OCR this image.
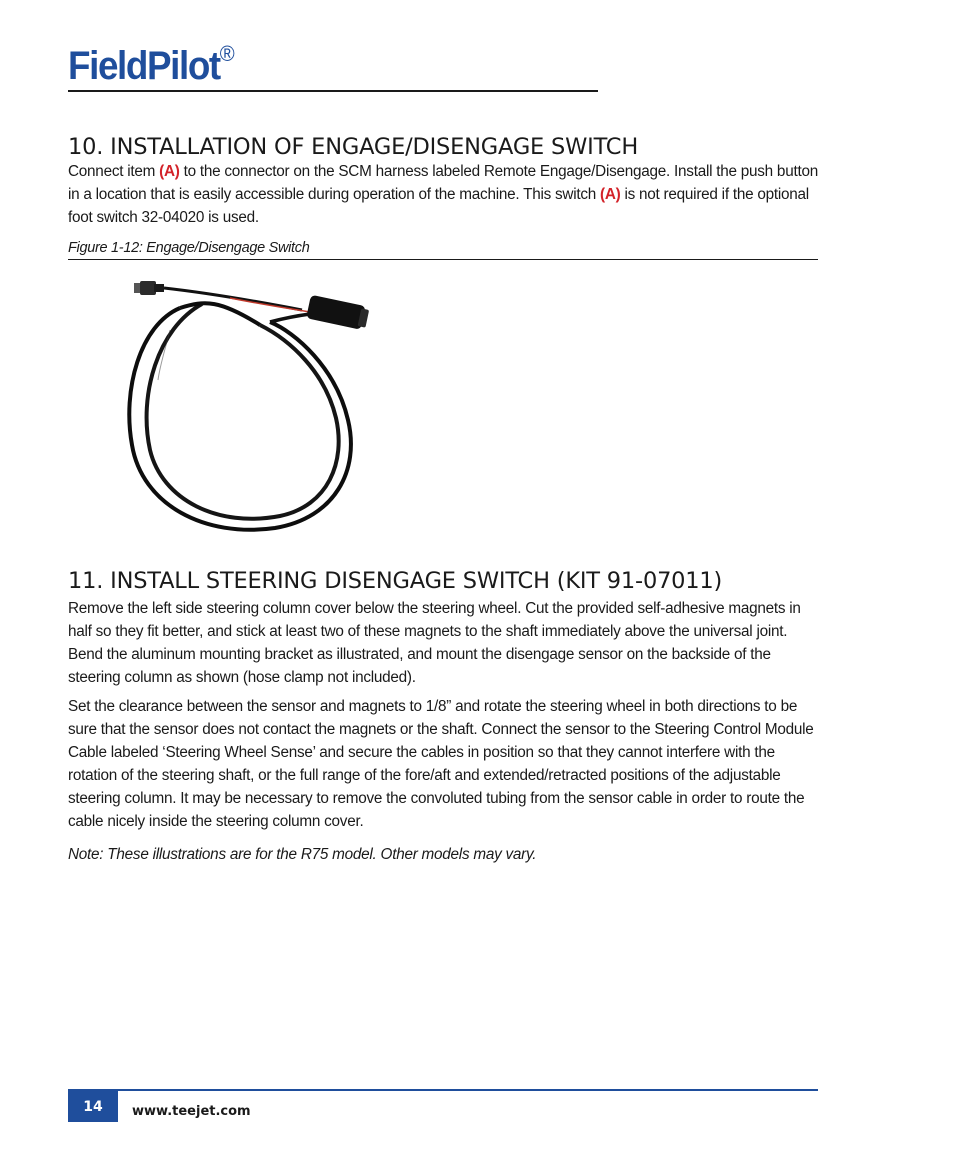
FieldPilot®
10. INSTALLATION OF ENGAGE/DISENGAGE SWITCH

Connect item (A) to the connector on the SCM harness labeled Remote Engage/Disengage. Install the push button in a location that is easily accessible during operation of the machine. This switch (A) is not required if the optional foot switch 32-04020 is used.

Figure 1-12: Engage/Disengage Switch
11. INSTALL STEERING DISENGAGE SWITCH (KIT 91-07011)

Remove the left side steering column cover below the steering wheel. Cut the provided self-adhesive magnets in half so they fit better, and stick at least two of these magnets to the shaft immediately above the universal joint. Bend the aluminum mounting bracket as illustrated, and mount the disengage sensor on the backside of the steering column as shown (hose clamp not included).

Set the clearance between the sensor and magnets to 1/8” and rotate the steering wheel in both directions to be sure that the sensor does not contact the magnets or the shaft. Connect the sensor to the Steering Control Module Cable labeled ‘Steering Wheel Sense’ and secure the cables in position so that they cannot interfere with the rotation of the steering shaft, or the full range of the fore/aft and extended/retracted positions of the adjustable steering column. It may be necessary to remove the convoluted tubing from the sensor cable in order to route the cable nicely inside the steering column cover.

Note: These illustrations are for the R75 model. Other models may vary.

14	www.teejet.com
